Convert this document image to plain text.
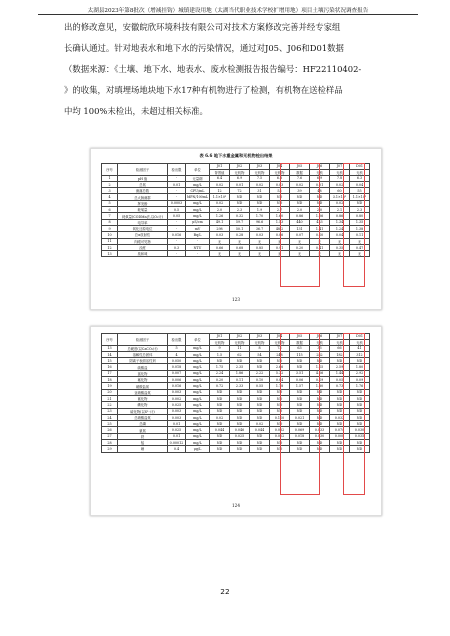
太湖县2023年第8批次（增减挂钩）城镇建设用地（太湖当代职业技术学校扩增用地）项目土壤污染状况调查报告

出的修改意见，安徽皖欣环境科技有限公司对技术方案修改完善并经专家组

长确认通过。针对地表水和地下水的污染情况，通过对J05、J06和D01数据

（数据来源：《土壤、地下水、地表水、废水检测报告报告编号：HF22110402-

》的收集，对填埋场地块地下水17种有机物进行了检测，有机物在送检样品

中均 100%未检出，未超过相关标准。

表 6.6 地下水重金属和无机物检出结果
序号	检测因子	检出限	单位	J01	J02	J03	J04	J05	J06	J07	D01
				背景值	无机物	无机物	无机物	数据	无机	无机	无机
1	pH 值	-	无量纲	6.4	6.9	7.5	6.8	7.6	6.9	7.8	6.3
2	总氮	0.01	mg/L	0.02	0.01	0.02	0.03	0.02	0.01	0.02	0.04
3	菌落总数	-	CFU/mL	12	72	31	53	39	48	60	55
4	总大肠菌群	-	MPN/100mL	1.1×10²	ND	ND	ND	ND	ND	3.1×10²	1.1×10²
5	挥发酚	0.0003	mg/L	0.02	ND	ND	ND	ND	ND	0.02	ND
6	耗氧量	0.5	mg/L	2.0	2.3	1.9	2.7	2.0	2.0	2.1	2.3
7	耗氧量(CODMn法,以O₂计)	0.05	mg/L	1.26	0.32	1.70	1.60	0.86	1.06	0.86	0.80
8	电导率	-	μS/cm	49.1	59.7	96.6	1.53	440	423	1.34	1.35
9	氧化还原电位	-	mV	298	50.1	36.7	48.2	131	1.41	1.24	1.38
10	总α放射性	0.016	Bq/L	0.03	0.28	0.03	0.06	0.07	0.10	0.04	0.11
11	肉眼可见物	-	-	无	无	无	无	无	无	无	无
12	浊度	0.3	NTU	0.66	0.68	0.85	0.91	0.20	0.41	0.35	0.47
13	臭和味	-	-	无	无	无	无	无	无	无	无
123
序号	检测因子	检出限	单位	J01	J02	J03	J04	J05	J06	J07	D01
				无机物	无机物	无机物	无机物	数据	无机	无机	无机
13	总硬度(以CaCO₃计)	5	mg/L	9	11	8	73	63	33	66	41
14	溶解性总固体	4	mg/L	1.5	62	54	248	115	282	182	312
15	阴离子表面活性剂	0.050	mg/L	ND	ND	ND	ND	ND	ND	ND	ND
16	硫酸盐	0.018	mg/L	1.75	2.35	ND	2.66	ND	1.15	2.59	1.80
17	氯化物	0.007	mg/L	2.24	1.86	2.22	5.32	3.51	4.26	1.44	2.92
18	氟化物	0.006	mg/L	0.20	0.11	0.10	0.04	0.06	0.19	0.05	0.09
19	硝酸盐氮	0.016	mg/L	0.72	2.33	0.55	1.78	1.57	1.80	0.73	1.76
20	亚硝酸盐氮	0.003	mg/L	ND	ND	ND	ND	ND	ND	ND	ND
21	氰化物	0.002	mg/L	ND	ND	ND	ND	ND	ND	ND	ND
22	碘化物	0.025	mg/L	ND	ND	ND	ND	ND	ND	ND	ND
23	硫化物(以S²⁻计)	0.003	mg/L	ND	ND	ND	ND	ND	ND	ND	ND
24	总硝酸盐氮	0.003	mg/L	0.02	ND	ND	0.110	0.021	ND	0.032	ND
25	总磷	0.01	mg/L	ND	ND	0.02	ND	ND	ND	ND	ND
26	氨氮	0.025	mg/L	0.044	0.046	0.044	0.062	0.069	0.033	0.074	0.030
27	铁	0.01	mg/L	ND	0.025	ND	0.022	0.018	0.030	0.008	0.035
28	锰	0.00012	mg/L	ND	ND	ND	ND	ND	ND	ND	ND
29	硒	0.4	μg/L	ND	ND	ND	ND	ND	ND	ND	ND
124
22
